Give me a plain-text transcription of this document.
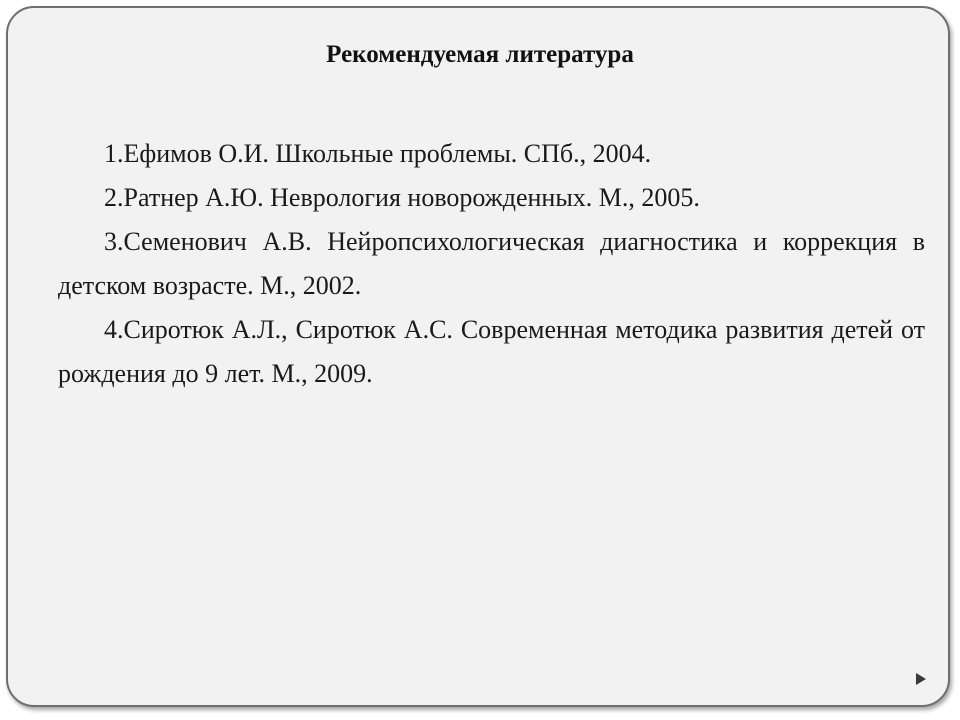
Рекомендуемая литература
1.Ефимов О.И. Школьные проблемы. СПб., 2004.
2.Ратнер А.Ю. Неврология новорожденных. М., 2005.
3.Семенович А.В. Нейропсихологическая диагностика и коррекция в детском возрасте. М., 2002.
4.Сиротюк А.Л., Сиротюк А.С. Современная методика развития детей от рождения до 9 лет. М., 2009.
